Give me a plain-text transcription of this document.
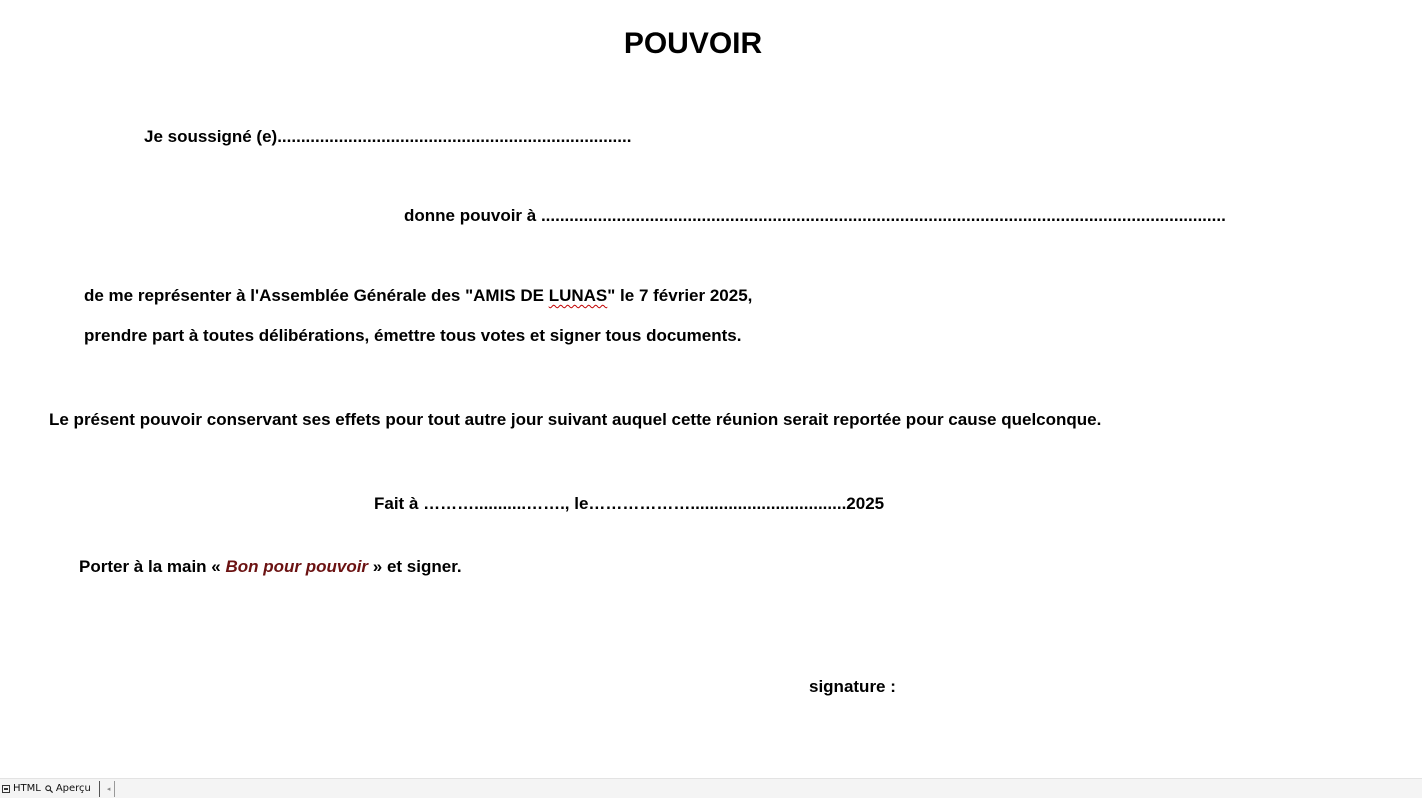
POUVOIR

Je soussigné (e)...........................................................................

donne pouvoir à .................................................................................................................................................

de me représenter à l'Assemblée Générale des "AMIS DE LUNAS" le 7 février 2025,

prendre part à toutes délibérations, émettre tous votes et signer tous documents.

Le présent pouvoir conservant ses effets pour tout autre jour suivant auquel cette réunion serait reportée pour cause quelconque.

Fait à ………...........……., le……………….................................2025

Porter à la main « Bon pour pouvoir » et signer.

signature :

HTML Aperçu ◂
